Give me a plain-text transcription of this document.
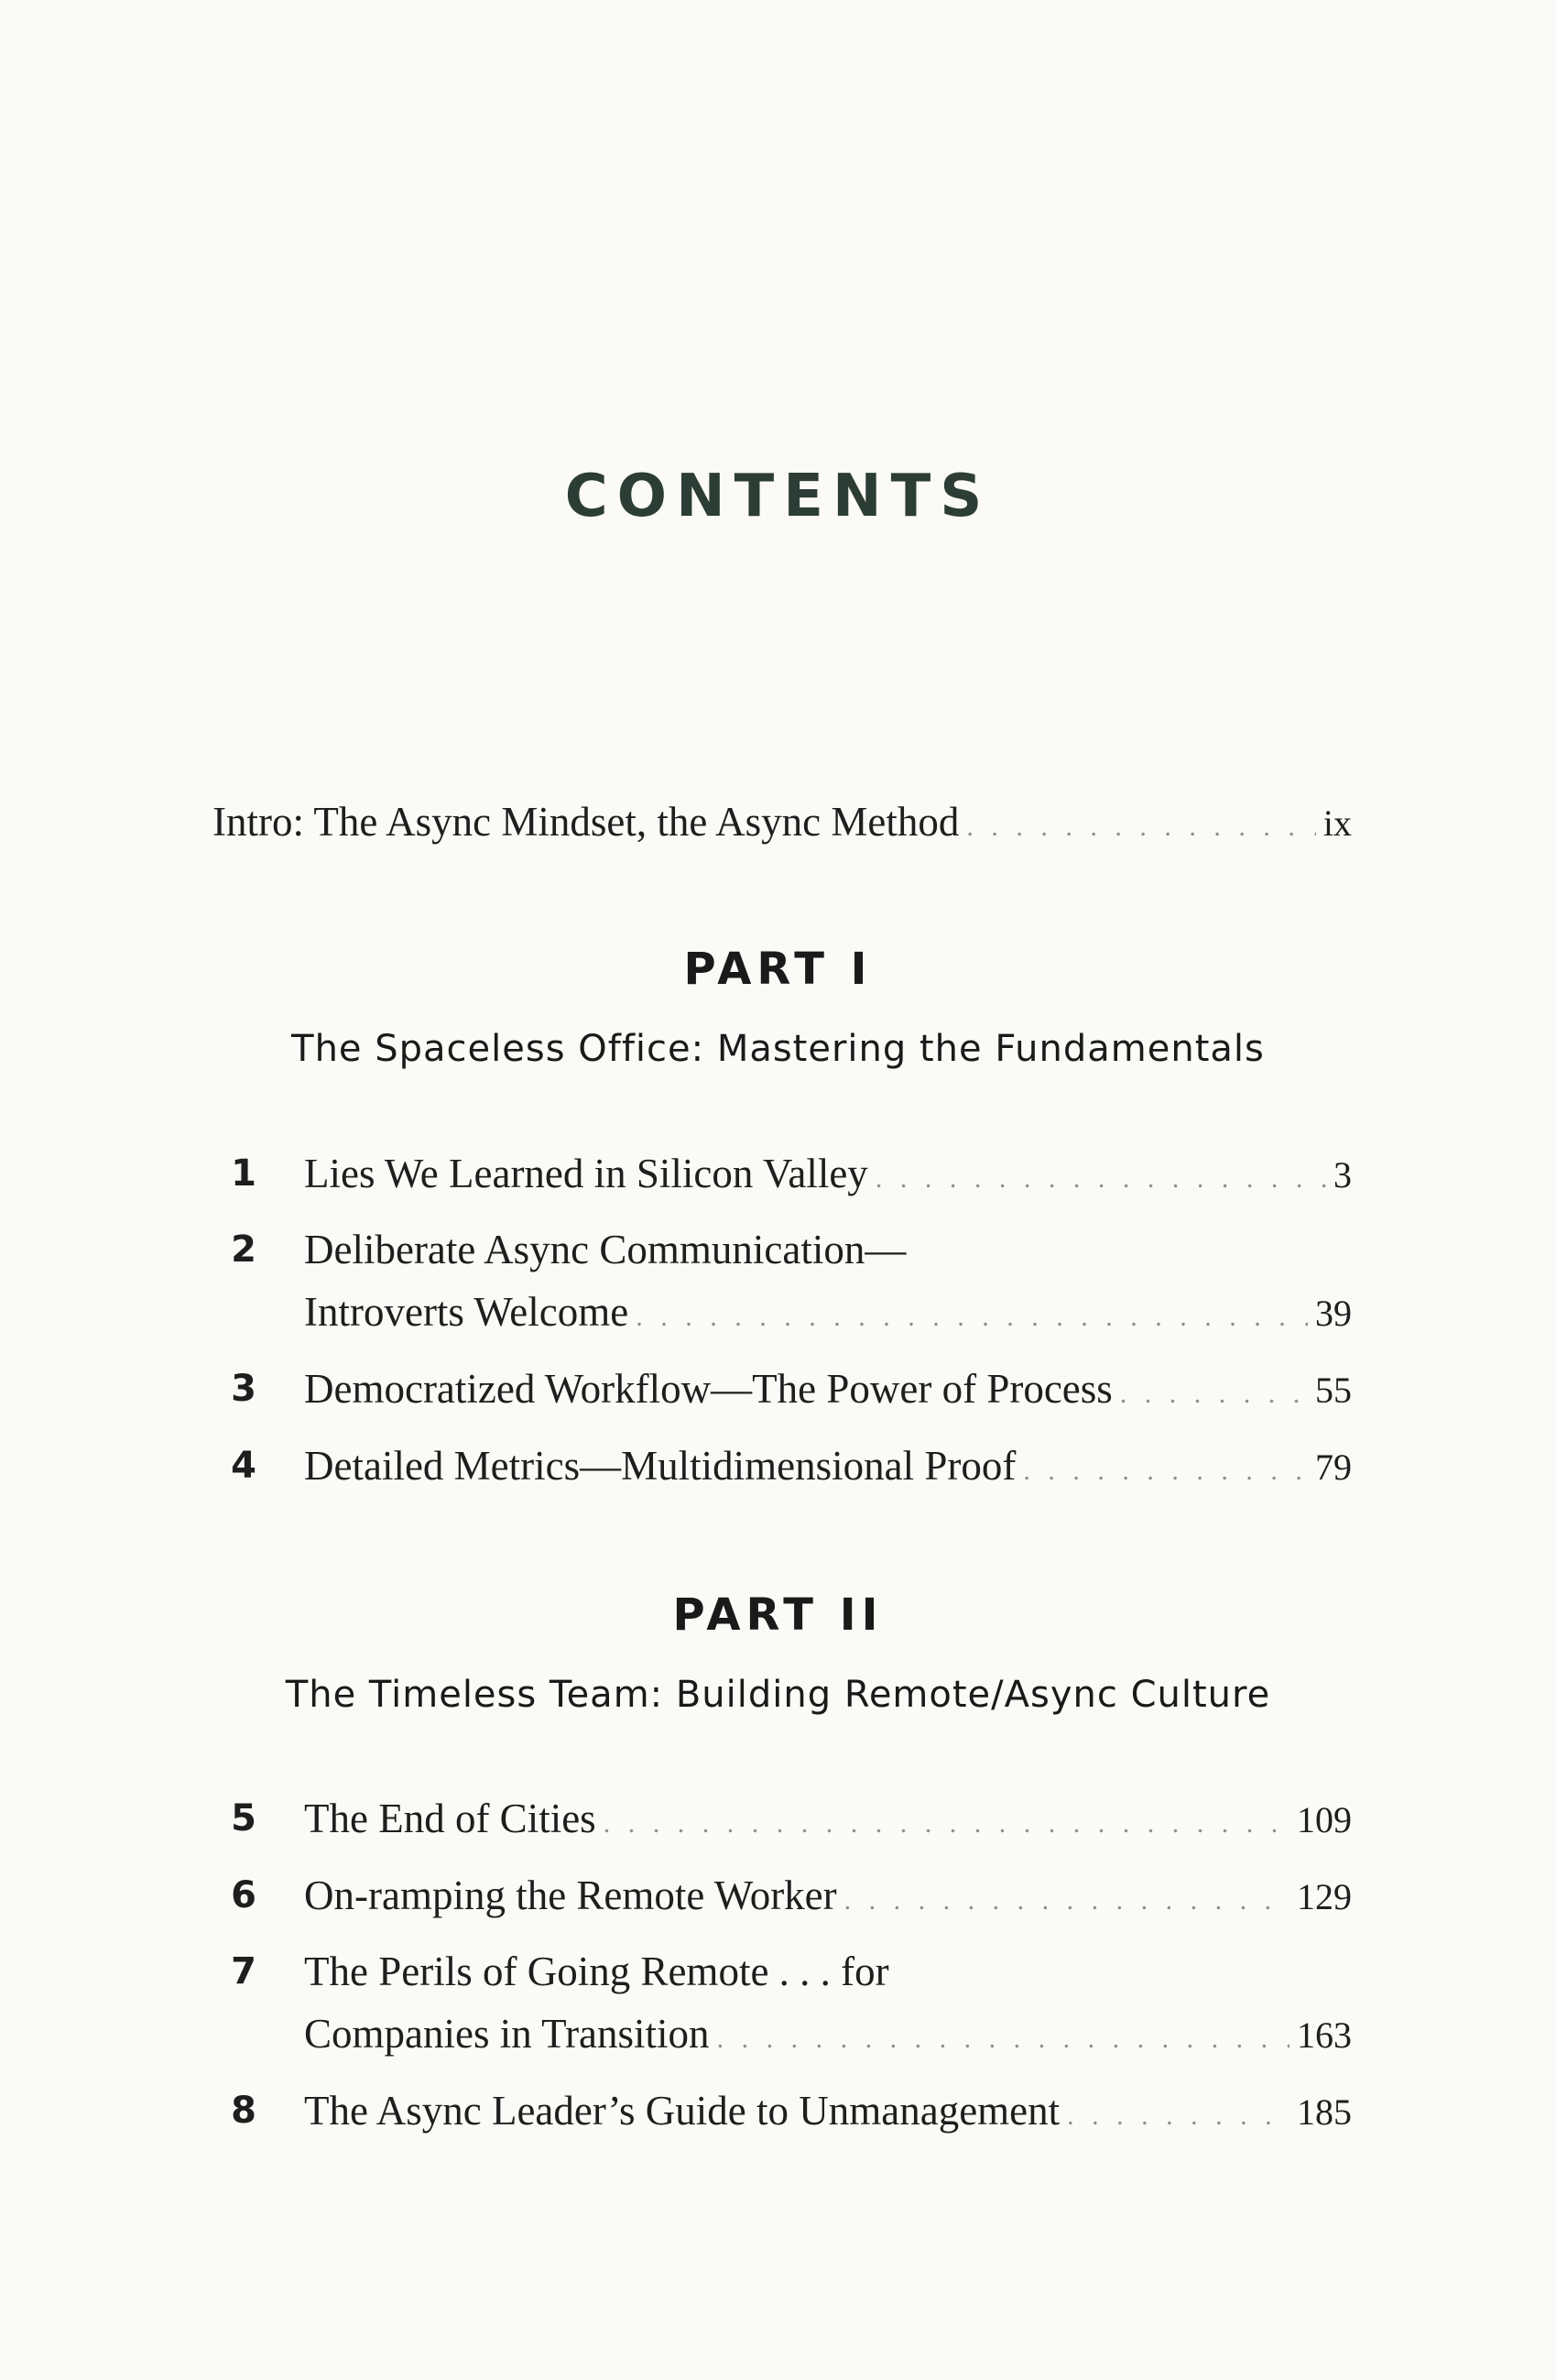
CONTENTS
Intro: The Async Mindset, the Async Method . . .	ix
PART I
The Spaceless Office: Mastering the Fundamentals
1 Lies We Learned in Silicon Valley . . .	3
2 Deliberate Async Communication—
Introverts Welcome . . .	39
3 Democratized Workflow—The Power of Process . . .	55
4 Detailed Metrics—Multidimensional Proof . . .	79
PART II
The Timeless Team: Building Remote/Async Culture
5 The End of Cities . . .	109
6 On-ramping the Remote Worker . . .	129
7 The Perils of Going Remote . . . for
Companies in Transition . . .	163
8 The Async Leader’s Guide to Unmanagement . . .	185
